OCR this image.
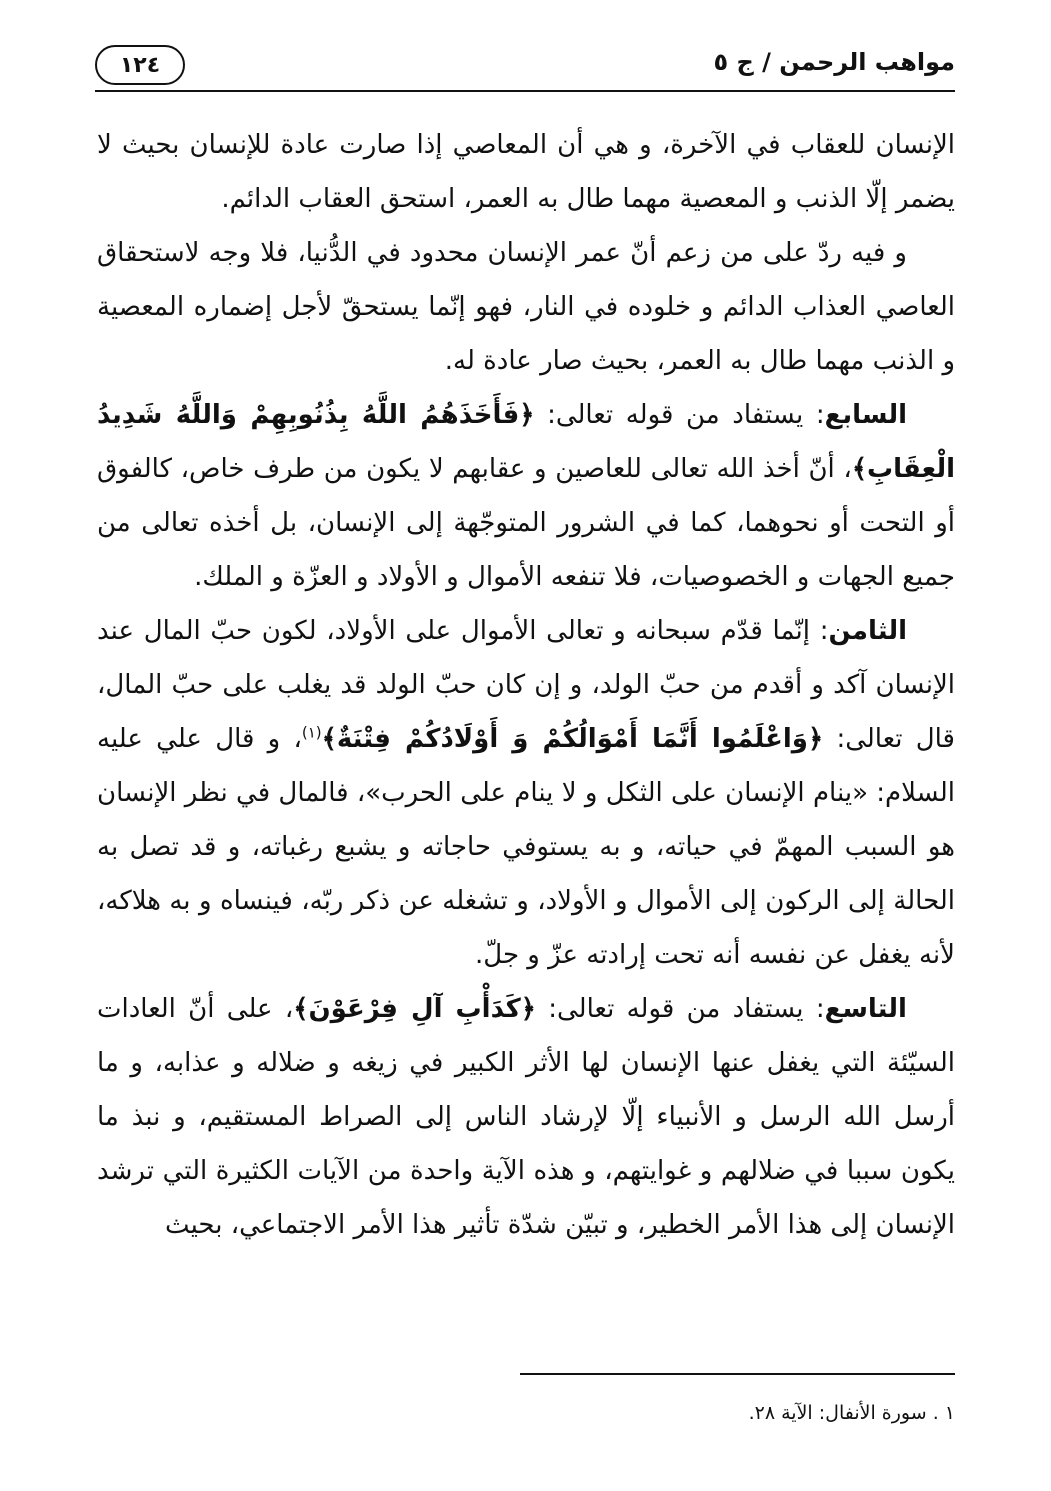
مواهب الرحمن / ج ٥
١٢٤

الإنسان للعقاب في الآخرة، و هي أن المعاصي إذا صارت عادة للإنسان بحيث لا يضمر إلّا الذنب و المعصية مهما طال به العمر، استحق العقاب الدائم.

و فيه ردّ على من زعم أنّ عمر الإنسان محدود في الدُّنيا، فلا وجه لاستحقاق العاصي العذاب الدائم و خلوده في النار، فهو إنّما يستحقّ لأجل إضماره المعصية و الذنب مهما طال به العمر، بحيث صار عادة له.

السابع: يستفاد من قوله تعالى: ﴿فَأَخَذَهُمُ اللَّهُ بِذُنُوبِهِمْ وَاللَّهُ شَدِيدُ الْعِقَابِ﴾، أنّ أخذ الله تعالى للعاصين و عقابهم لا يكون من طرف خاص، كالفوق أو التحت أو نحوهما، كما في الشرور المتوجّهة إلى الإنسان، بل أخذه تعالى من جميع الجهات و الخصوصيات، فلا تنفعه الأموال و الأولاد و العزّة و الملك.

الثامن: إنّما قدّم سبحانه و تعالى الأموال على الأولاد، لكون حبّ المال عند الإنسان آكد و أقدم من حبّ الولد، و إن كان حبّ الولد قد يغلب على حبّ المال، قال تعالى: ﴿وَاعْلَمُوا أَنَّمَا أَمْوَالُكُمْ وَ أَوْلَادُكُمْ فِتْنَةٌ﴾$^{(١)}$، و قال علي عليه السلام: «ينام الإنسان على الثكل و لا ينام على الحرب»، فالمال في نظر الإنسان هو السبب المهمّ في حياته، و به يستوفي حاجاته و يشبع رغباته، و قد تصل به الحالة إلى الركون إلى الأموال و الأولاد، و تشغله عن ذكر ربّه، فينساه و به هلاكه، لأنه يغفل عن نفسه أنه تحت إرادته عزّ و جلّ.

التاسع: يستفاد من قوله تعالى: ﴿كَدَأْبِ آلِ فِرْعَوْنَ﴾، على أنّ العادات السيّئة التي يغفل عنها الإنسان لها الأثر الكبير في زيغه و ضلاله و عذابه، و ما أرسل الله الرسل و الأنبياء إلّا لإرشاد الناس إلى الصراط المستقيم، و نبذ ما يكون سببا في ضلالهم و غوايتهم، و هذه الآية واحدة من الآيات الكثيرة التي ترشد الإنسان إلى هذا الأمر الخطير، و تبيّن شدّة تأثير هذا الأمر الاجتماعي، بحيث

١ . سورة الأنفال: الآية ٢٨.
